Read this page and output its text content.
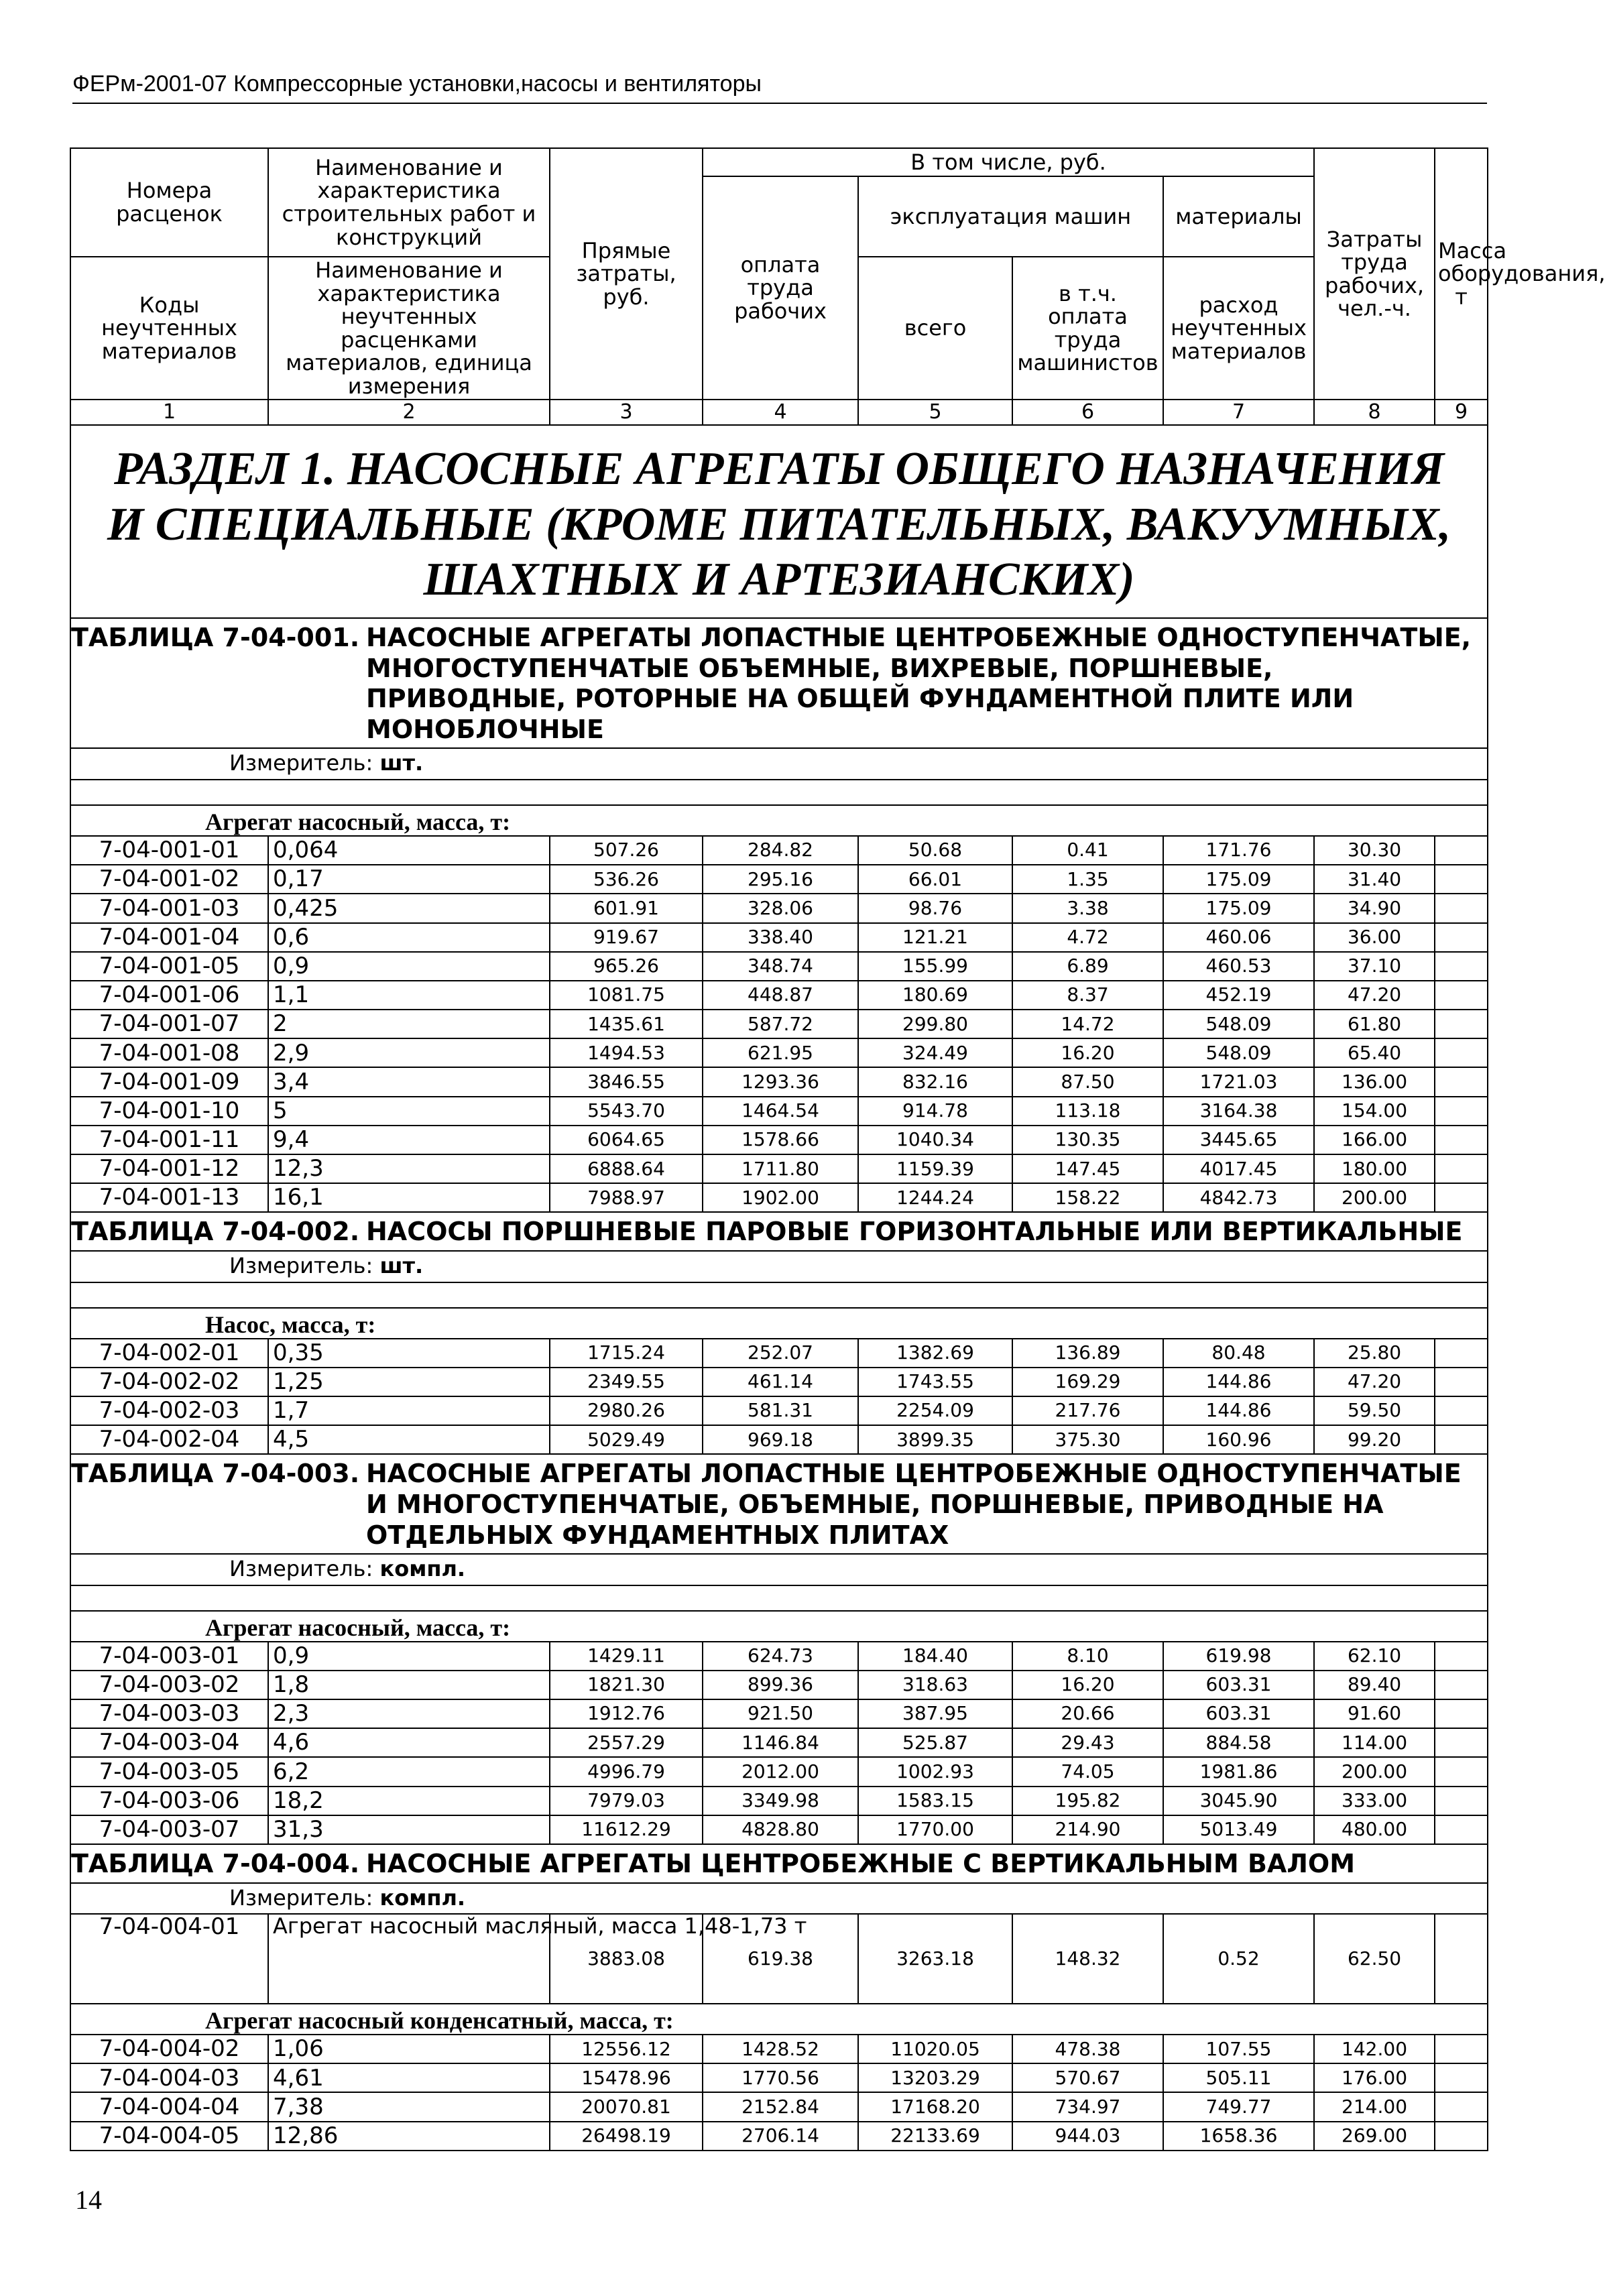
ФЕРм-2001-07 Компрессорные установки,насосы и вентиляторы
Номера расценок	Наименование и характеристика строительных работ и конструкций	Прямые затраты, руб.	В том числе, руб.				Затраты труда рабочих, чел.-ч.	Масса оборудования, т
			оплата труда рабочих	эксплуатация машин		материалы		
Коды неучтенных материалов	Наименование и характеристика неучтенных расценками материалов, единица измерения			всего	в т.ч. оплата труда машинистов	расход неучтенных материалов		

1	2	3	4	5	6	7	8	9
РАЗДЕЛ 1. НАСОСНЫЕ АГРЕГАТЫ ОБЩЕГО НАЗНАЧЕНИЯ И СПЕЦИАЛЬНЫЕ (КРОМЕ ПИТАТЕЛЬНЫХ, ВАКУУМНЫХ, ШАХТНЫХ И АРТЕЗИАНСКИХ)								
ТАБЛИЦА 7-04-001. НАСОСНЫЕ АГРЕГАТЫ ЛОПАСТНЫЕ ЦЕНТРОБЕЖНЫЕ ОДНОСТУПЕНЧАТЫЕ, МНОГОСТУПЕНЧАТЫЕ ОБЪЕМНЫЕ, ВИХРЕВЫЕ, ПОРШНЕВЫЕ, ПРИВОДНЫЕ, РОТОРНЫЕ НА ОБЩЕЙ ФУНДАМЕНТНОЙ ПЛИТЕ ИЛИ МОНОБЛОЧНЫЕ								
Измеритель: шт.								

Агрегат насосный, масса, т:								
7-04-001-01	0,064	507.26	284.82	50.68	0.41	171.76	30.30	
7-04-001-02	0,17	536.26	295.16	66.01	1.35	175.09	31.40	
7-04-001-03	0,425	601.91	328.06	98.76	3.38	175.09	34.90	
7-04-001-04	0,6	919.67	338.40	121.21	4.72	460.06	36.00	
7-04-001-05	0,9	965.26	348.74	155.99	6.89	460.53	37.10	
7-04-001-06	1,1	1081.75	448.87	180.69	8.37	452.19	47.20	
7-04-001-07	2	1435.61	587.72	299.80	14.72	548.09	61.80	
7-04-001-08	2,9	1494.53	621.95	324.49	16.20	548.09	65.40	
7-04-001-09	3,4	3846.55	1293.36	832.16	87.50	1721.03	136.00	
7-04-001-10	5	5543.70	1464.54	914.78	113.18	3164.38	154.00	
7-04-001-11	9,4	6064.65	1578.66	1040.34	130.35	3445.65	166.00	
7-04-001-12	12,3	6888.64	1711.80	1159.39	147.45	4017.45	180.00	
7-04-001-13	16,1	7988.97	1902.00	1244.24	158.22	4842.73	200.00	
ТАБЛИЦА 7-04-002. НАСОСЫ ПОРШНЕВЫЕ ПАРОВЫЕ ГОРИЗОНТАЛЬНЫЕ ИЛИ ВЕРТИКАЛЬНЫЕ								
Измеритель: шт.								

Насос, масса, т:								
7-04-002-01	0,35	1715.24	252.07	1382.69	136.89	80.48	25.80	
7-04-002-02	1,25	2349.55	461.14	1743.55	169.29	144.86	47.20	
7-04-002-03	1,7	2980.26	581.31	2254.09	217.76	144.86	59.50	
7-04-002-04	4,5	5029.49	969.18	3899.35	375.30	160.96	99.20	
ТАБЛИЦА 7-04-003. НАСОСНЫЕ АГРЕГАТЫ ЛОПАСТНЫЕ ЦЕНТРОБЕЖНЫЕ ОДНОСТУПЕНЧАТЫЕ И МНОГОСТУПЕНЧАТЫЕ, ОБЪЕМНЫЕ, ПОРШНЕВЫЕ, ПРИВОДНЫЕ НА ОТДЕЛЬНЫХ ФУНДАМЕНТНЫХ ПЛИТАХ								
Измеритель: компл.								

Агрегат насосный, масса, т:								
7-04-003-01	0,9	1429.11	624.73	184.40	8.10	619.98	62.10	
7-04-003-02	1,8	1821.30	899.36	318.63	16.20	603.31	89.40	
7-04-003-03	2,3	1912.76	921.50	387.95	20.66	603.31	91.60	
7-04-003-04	4,6	2557.29	1146.84	525.87	29.43	884.58	114.00	
7-04-003-05	6,2	4996.79	2012.00	1002.93	74.05	1981.86	200.00	
7-04-003-06	18,2	7979.03	3349.98	1583.15	195.82	3045.90	333.00	
7-04-003-07	31,3	11612.29	4828.80	1770.00	214.90	5013.49	480.00	
ТАБЛИЦА 7-04-004. НАСОСНЫЕ АГРЕГАТЫ ЦЕНТРОБЕЖНЫЕ С ВЕРТИКАЛЬНЫМ ВАЛОМ								
Измеритель: компл.								
7-04-004-01	Агрегат насосный масляный, масса 1,48-1,73 т	3883.08	619.38	3263.18	148.32	0.52	62.50	
Агрегат насосный конденсатный, масса, т:								
7-04-004-02	1,06	12556.12	1428.52	11020.05	478.38	107.55	142.00	
7-04-004-03	4,61	15478.96	1770.56	13203.29	570.67	505.11	176.00	
7-04-004-04	7,38	20070.81	2152.84	17168.20	734.97	749.77	214.00	
7-04-004-05	12,86	26498.19	2706.14	22133.69	944.03	1658.36	269.00	
14
